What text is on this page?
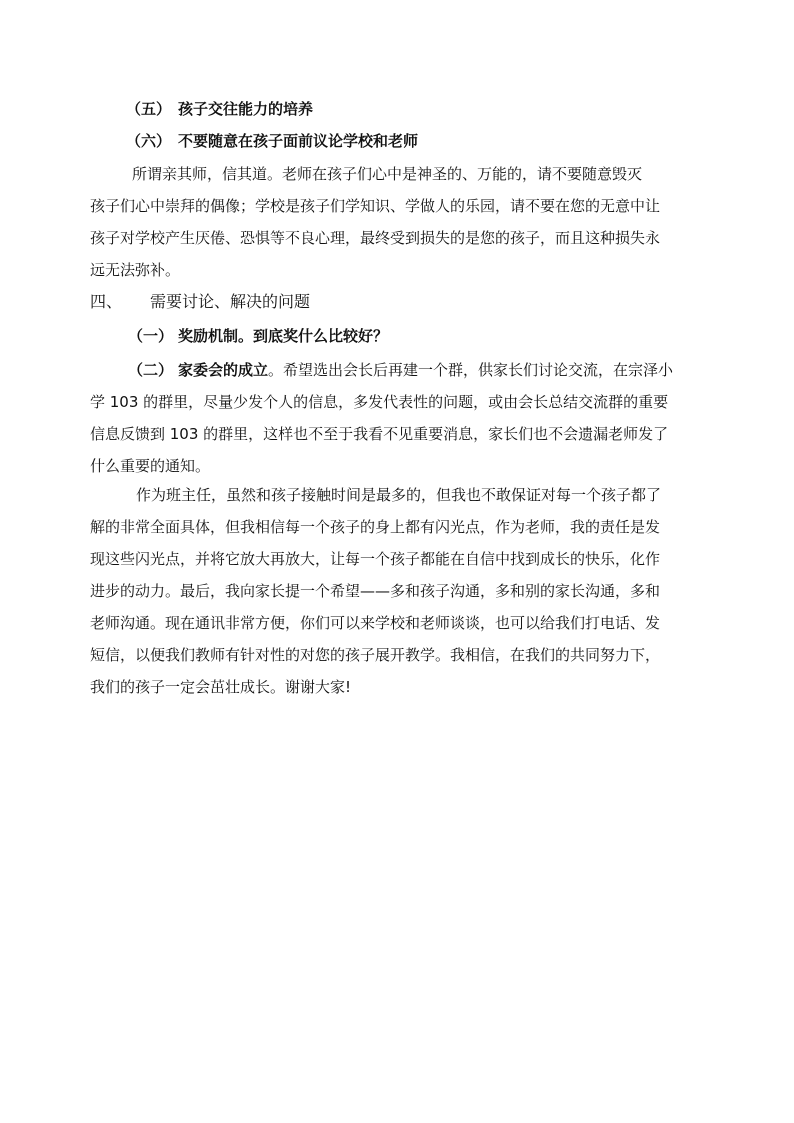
（五） 孩子交往能力的培养
（六） 不要随意在孩子面前议论学校和老师

所谓亲其师，信其道。老师在孩子们心中是神圣的、万能的，请不要随意毁灭

孩子们心中崇拜的偶像；学校是孩子们学知识、学做人的乐园，请不要在您的无意中让

孩子对学校产生厌倦、恐惧等不良心理，最终受到损失的是您的孩子，而且这种损失永

远无法弥补。

四、 需要讨论、解决的问题
（一） 奖励机制。到底奖什么比较好？

（二） 家委会的成立。希望选出会长后再建一个群，供家长们讨论交流，在宗泽小

学 103 的群里，尽量少发个人的信息，多发代表性的问题，或由会长总结交流群的重要

信息反馈到 103 的群里，这样也不至于我看不见重要消息，家长们也不会遗漏老师发了

什么重要的通知。

作为班主任，虽然和孩子接触时间是最多的，但我也不敢保证对每一个孩子都了

解的非常全面具体，但我相信每一个孩子的身上都有闪光点，作为老师，我的责任是发

现这些闪光点，并将它放大再放大，让每一个孩子都能在自信中找到成长的快乐，化作

进步的动力。最后，我向家长提一个希望——多和孩子沟通，多和别的家长沟通，多和

老师沟通。现在通讯非常方便，你们可以来学校和老师谈谈，也可以给我们打电话、发

短信，以便我们教师有针对性的对您的孩子展开教学。我相信，在我们的共同努力下，

我们的孩子一定会茁壮成长。谢谢大家!
